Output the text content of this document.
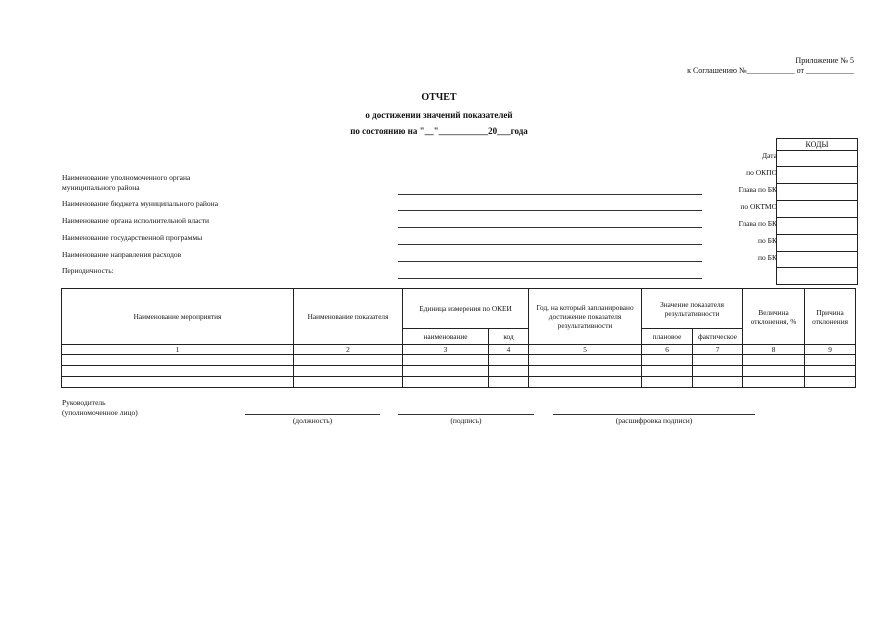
Приложение № 5
к Соглашению №____________ от ____________
ОТЧЕТ
о достижении значений показателей
по состоянию на "__"___________20___года
КОДЫ
Дата
по ОКПО
Глава по БК
по ОКТМО
Глава по БК
по БК
по БК
Наименование уполномоченного органа муниципального района
Наименование бюджета муниципального района
Наименование органа исполнительной власти
Наименование государственной программы
Наименование направления расходов
Периодичность:
Наименование мероприятия	Наименование показателя	Единица измерения по ОКЕИ		Год, на который запланировано достижение показателя результативности	Значение показателя результативности		Величина отклонения, %	Причина отклонения
		наименование	код		плановое	фактическое		
1	2	3	4	5	6	7	8	9

Руководитель
(уполномоченное лицо)
(должность)	(подпись)	(расшифровка подписи)
